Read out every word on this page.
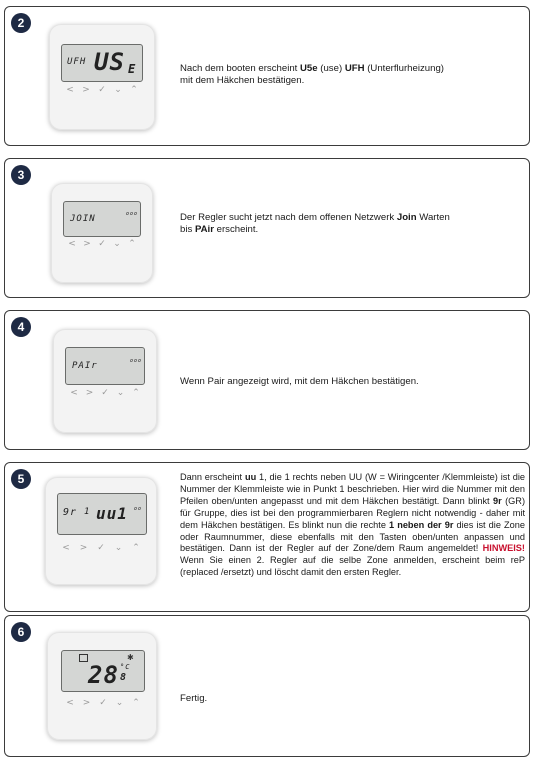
2
UFH US E
< > ✓ ⌄ ⌃
Nach dem booten erscheint U5e (use) UFH (Unterflurheizung)
mit dem Häkchen bestätigen.
3
JOIN	ooo
< > ✓ ⌄ ⌃
Der Regler sucht jetzt nach dem offenen Netzwerk Join Warten
bis PAir erscheint.
4
PAIr	ooo
< > ✓ ⌄ ⌃
Wenn Pair angezeigt wird, mit dem Häkchen bestätigen.
5
9r 1 uu1 oo
<	>	✓	⌄	⌃
Dann erscheint uu 1, die 1 rechts neben UU (W = Wiringcenter /Klemmleiste) ist die Nummer der Klemmleiste wie in Punkt 1 beschrieben. Hier wird die Nummer mit den Pfeilen oben/unten angepasst und mit dem Häkchen bestätigt. Dann blinkt 9r (GR) für Gruppe, dies ist bei den programmierbaren Reglern nicht notwendig - daher mit dem Häkchen bestätigen. Es blinkt nun die rechte 1 neben der 9r dies ist die Zone oder Raumnummer, diese ebenfalls mit den Tasten oben/unten anpassen und bestätigen. Dann ist der Regler auf der Zone/dem Raum angemeldet! HINWEIS! Wenn Sie einen 2. Regler auf die selbe Zone anmelden, erscheint beim reP (replaced /ersetzt) und löscht damit den ersten Regler.
6
✱
28 °C
8
< > ✓ ⌄ ⌃	Fertig.
